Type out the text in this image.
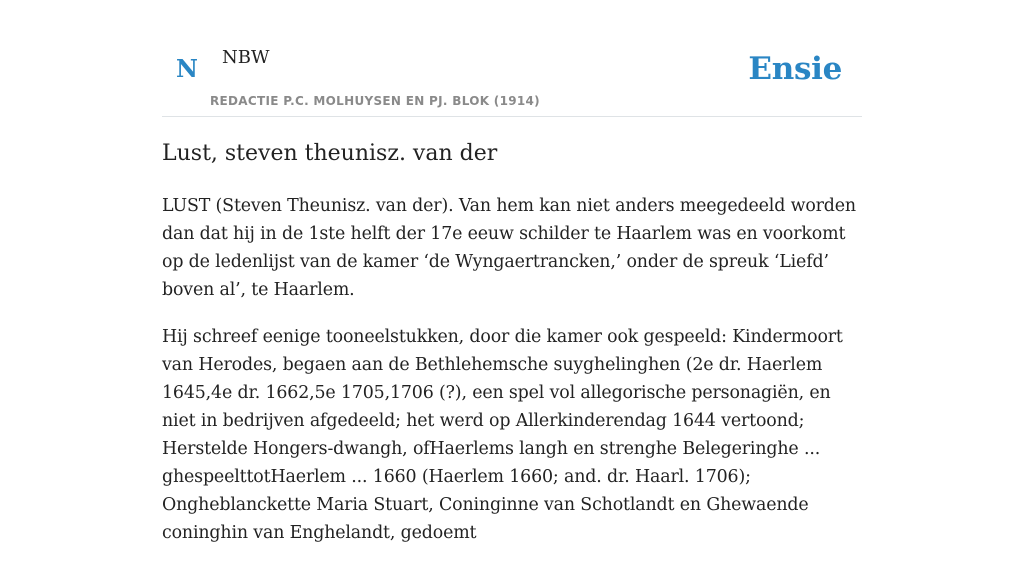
N NBW
REDACTIE P.C. MOLHUYSEN EN PJ. BLOK (1914)
Ensie
Lust, steven theunisz. van der

LUST (Steven Theunisz. van der). Van hem kan niet anders meegedeeld worden dan dat hij in de 1ste helft der 17e eeuw schilder te Haarlem was en voorkomt op de ledenlijst van de kamer ‘de Wyngaertrancken,’ onder de spreuk ‘Liefd’ boven al’, te Haarlem.

Hij schreef eenige tooneelstukken, door die kamer ook gespeeld: Kindermoort van Herodes, begaen aan de Bethlehemsche suyghelinghen (2e dr. Haerlem 1645,4e dr. 1662,5e 1705,1706 (?), een spel vol allegorische personagiën, en niet in bedrijven afgedeeld; het werd op Allerkinderendag 1644 vertoond; Herstelde Hongers-dwangh, ofHaerlems langh en strenghe Belegeringhe ... ghespeelttotHaerlem ... 1660 (Haerlem 1660; and. dr. Haarl. 1706); Ongheblanckette Maria Stuart, Coninginne van Schotlandt en Ghewaende coninghin van Enghelandt, gedoemt
